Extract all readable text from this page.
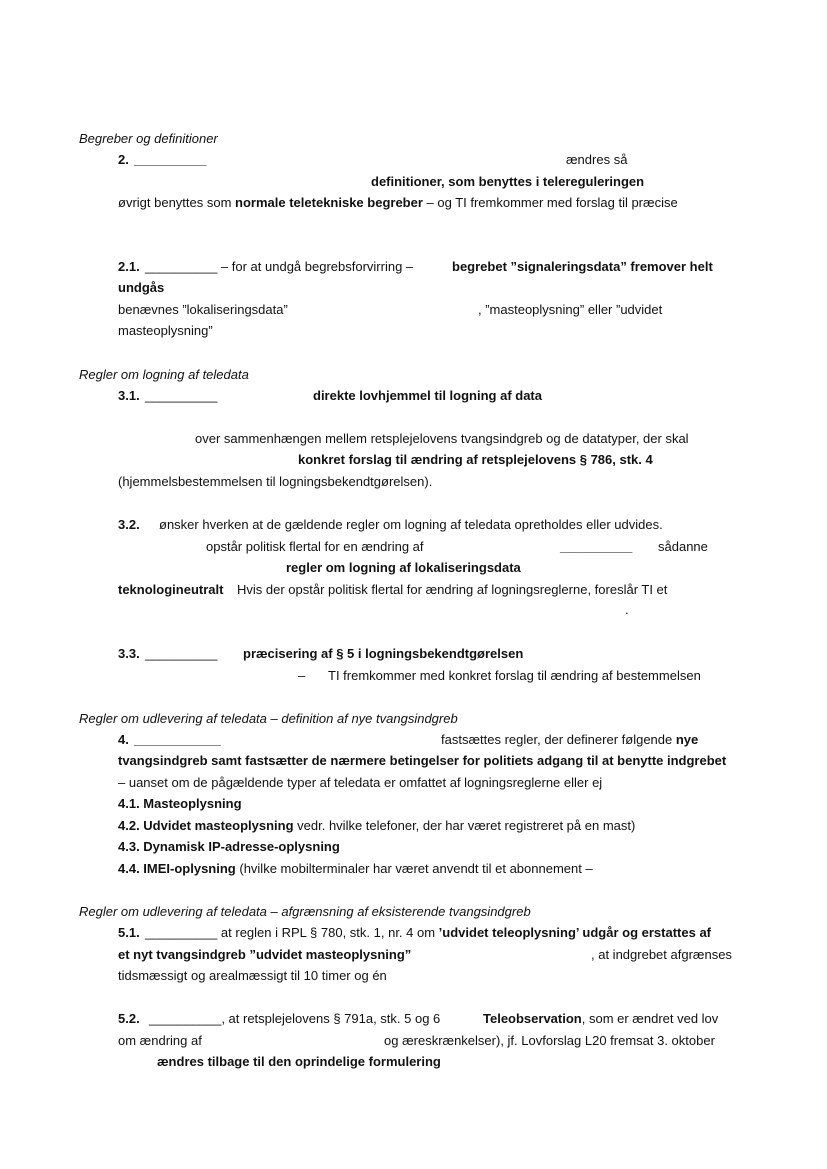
Begreber og definitioner
2. __________	ændres så
definitioner, som benyttes i telereguleringen
øvrigt benyttes som normale teletekniske begreber – og TI fremkommer med forslag til præcise
2.1. __________ – for at undgå begrebsforvirring –	begrebet ”signaleringsdata” fremover helt
undgås
benævnes ”lokaliseringsdata”	, ”masteoplysning” eller ”udvidet
masteoplysning”
Regler om logning af teledata
3.1. __________	direkte lovhjemmel til logning af data
over sammenhængen mellem retsplejelovens tvangsindgreb og de datatyper, der skal
konkret forslag til ændring af retsplejelovens § 786, stk. 4
(hjemmelsbestemmelsen til logningsbekendtgørelsen).
3.2. ønsker hverken at de gældende regler om logning af teledata opretholdes eller udvides.
opstår politisk flertal for en ændring af	__________ sådanne
regler om logning af lokaliseringsdata
teknologineutralt Hvis der opstår politisk flertal for ændring af logningsreglerne, foreslår TI et
.
3.3. __________ præcisering af § 5 i logningsbekendtgørelsen
– TI fremkommer med konkret forslag til ændring af bestemmelsen
Regler om udlevering af teledata – definition af nye tvangsindgreb
4. ____________	fastsættes regler, der definerer følgende nye
tvangsindgreb samt fastsætter de nærmere betingelser for politiets adgang til at benytte indgrebet
– uanset om de pågældende typer af teledata er omfattet af logningsreglerne eller ej
4.1. Masteoplysning
4.2. Udvidet masteoplysning vedr. hvilke telefoner, der har været registreret på en mast)
4.3. Dynamisk IP-adresse-oplysning
4.4. IMEI-oplysning (hvilke mobilterminaler har været anvendt til et abonnement –
Regler om udlevering af teledata – afgrænsning af eksisterende tvangsindgreb
5.1. __________ at reglen i RPL § 780, stk. 1, nr. 4 om ’udvidet teleoplysning’ udgår og erstattes af
et nyt tvangsindgreb ”udvidet masteoplysning”	, at indgrebet afgrænses
tidsmæssigt og arealmæssigt til 10 timer og én
5.2. __________, at retsplejelovens § 791a, stk. 5 og 6	Teleobservation, som er ændret ved lov
om ændring af	og æreskrænkelser), jf. Lovforslag L20 fremsat 3. oktober
ændres tilbage til den oprindelige formulering
